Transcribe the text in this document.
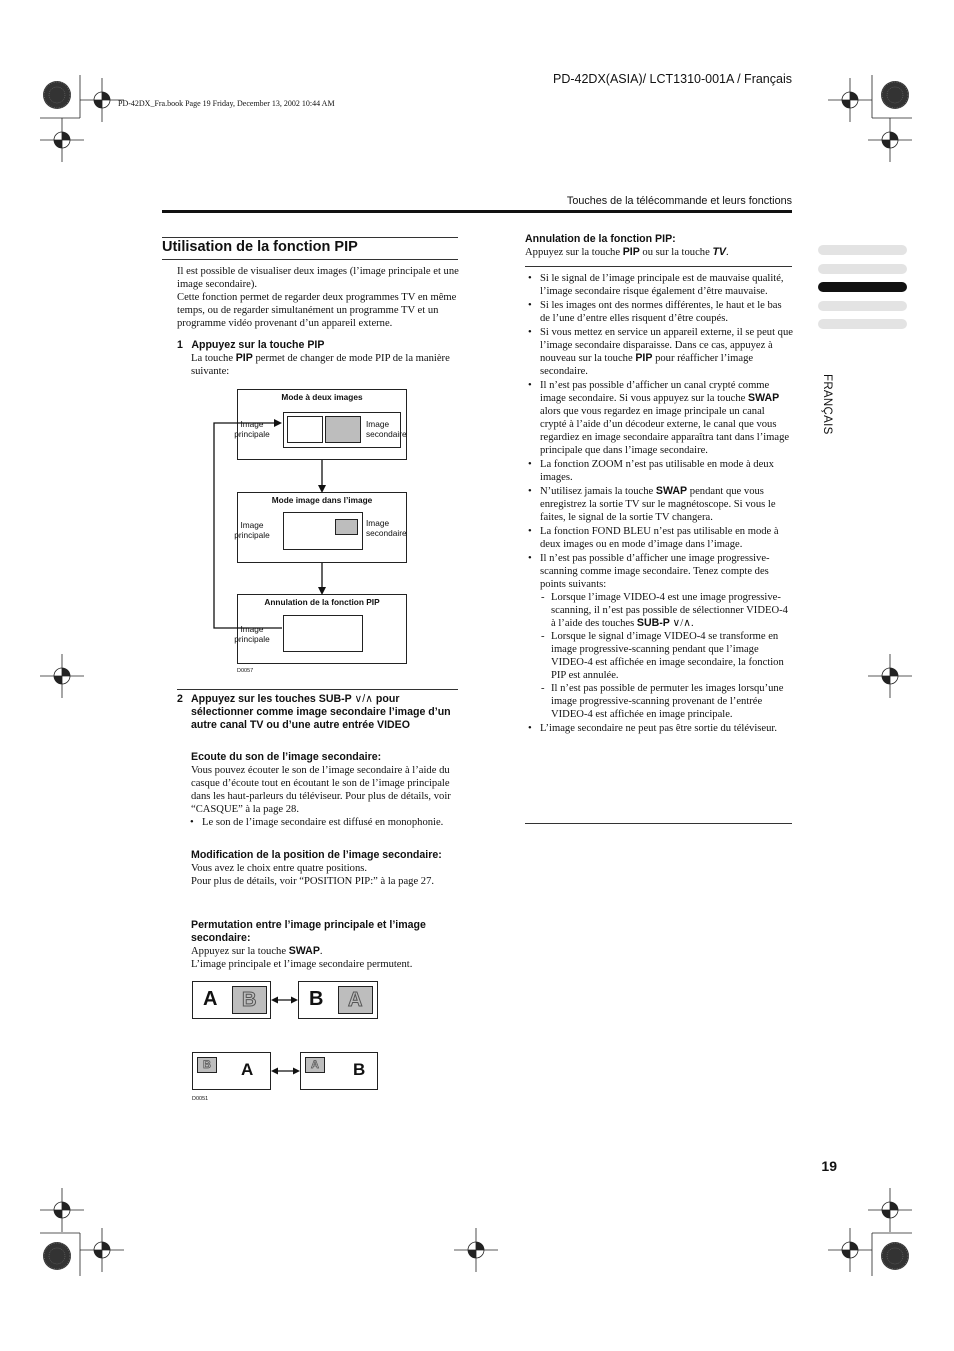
PD-42DX(ASIA)/ LCT1310-001A / Français
PD-42DX_Fra.book Page 19 Friday, December 13, 2002 10:44 AM
Touches de la télécommande et leurs fonctions
FRANÇAIS
Utilisation de la fonction PIP
Il est possible de visualiser deux images (l’image principale et une image secondaire).
Cette fonction permet de regarder deux programmes TV en même temps, ou de regarder simultanément un programme TV et un programme vidéo provenant d’un appareil externe.
1 Appuyez sur la touche PIP
La touche PIP permet de changer de mode PIP de la manière suivante:
Mode à deux images
Image principale
Image secondaire
Mode image dans l’image
Image principale
Image secondaire
Annulation de la fonction PIP
Image principale
D0057
2 Appuyez sur les touches SUB-P ∨/∧ pour sélectionner comme image secondaire l’image d’un autre canal TV ou d’une autre entrée VIDEO
Ecoute du son de l’image secondaire:
Vous pouvez écouter le son de l’image secondaire à l’aide du casque d’écoute tout en écoutant le son de l’image principale dans les haut-parleurs du téléviseur. Pour plus de détails, voir “CASQUE” à la page 28.
• Le son de l’image secondaire est diffusé en monophonie.
Modification de la position de l’image secondaire:
Vous avez le choix entre quatre positions.
Pour plus de détails, voir “POSITION PIP:” à la page 27.
Permutation entre l’image principale et l’image secondaire:
Appuyez sur la touche SWAP.
L’image principale et l’image secondaire permutent.
A B	B A
B A	A B
D0051
Annulation de la fonction PIP:
Appuyez sur la touche PIP ou sur la touche TV.
• Si le signal de l’image principale est de mauvaise qualité, l’image secondaire risque également d’être mauvaise.
• Si les images ont des normes différentes, le haut et le bas de l’une d’entre elles risquent d’être coupés.
• Si vous mettez en service un appareil externe, il se peut que l’image secondaire disparaisse. Dans ce cas, appuyez à nouveau sur la touche PIP pour réafficher l’image secondaire.
• Il n’est pas possible d’afficher un canal crypté comme image secondaire. Si vous appuyez sur la touche SWAP alors que vous regardez en image principale un canal crypté à l’aide d’un décodeur externe, le canal que vous regardiez en image secondaire apparaîtra tant dans l’image principale que dans l’image secondaire.
• La fonction ZOOM n’est pas utilisable en mode à deux images.
• N’utilisez jamais la touche SWAP pendant que vous enregistrez la sortie TV sur le magnétoscope. Si vous le faites, le signal de la sortie TV changera.
• La fonction FOND BLEU n’est pas utilisable en mode à deux images ou en mode d’image dans l’image.
• Il n’est pas possible d’afficher une image progressive-scanning comme image secondaire. Tenez compte des points suivants:
- Lorsque l’image VIDEO-4 est une image progressive-scanning, il n’est pas possible de sélectionner VIDEO-4 à l’aide des touches SUB-P ∨/∧.
- Lorsque le signal d’image VIDEO-4 se transforme en image progressive-scanning pendant que l’image VIDEO-4 est affichée en image secondaire, la fonction PIP est annulée.
- Il n’est pas possible de permuter les images lorsqu’une image progressive-scanning provenant de l’entrée VIDEO-4 est affichée en image principale.
• L’image secondaire ne peut pas être sortie du téléviseur.
19
